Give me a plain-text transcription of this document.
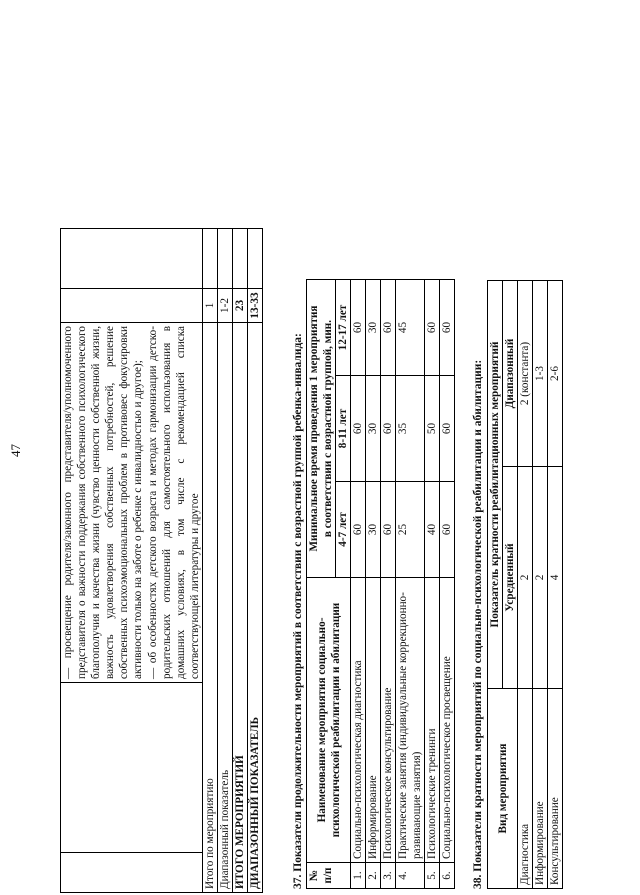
47

		— просвещение родителя/законного представителя/уполномоченного представителя о важности поддержания собственного психологического благополучия и качества жизни (чувство ценности собственной жизни, важность удовлетворения собственных потребностей, решение собственных психоэмоциональных проблем в противовес фокусировки активности только на заботе о ребенке с инвалидностью и другое); — об особенностях детского возраста и методах гармонизации детско-родительских отношений для самостоятельного использования в домашних условиях, в том числе с рекомендацией списка соответствующей литературы и другое		

Итого по мероприятию			1	
Диапазонный показатель			1-2	
ИТОГО МЕРОПРИЯТИЙ			23	
ДИАПАЗОННЫЙ ПОКАЗАТЕЛЬ			13-33	
37. Показатели продолжительности мероприятий в соответствии с возрастной группой ребенка-инвалида: № п/п	Наименование мероприятия социально-психологической реабилитации и абилитации	Минимальное время проведения 1 мероприятия		
		в соответствии с возрастной группой, мин.		
		4-7 лет	8-11 лет	12-17 лет
1.	Социально-психологическая диагностика	60	60	60
2.	Информирование	30	30	30
3.	Психологическое консультирование	60	60	60
4.	Практические занятия (индивидуальные коррекционно-развивающие занятия)	25	35	45
5.	Психологические тренинги	40	50	60
6.	Социально-психологическое просвещение	60	60	60
38. Показатели кратности мероприятий по социально-психологической реабилитации и абилитации: Вид мероприятия	Показатель кратности реабилитационных мероприятий	
	Усредненный	Диапазонный
Диагностика	2	2 (константа)
Информирование	2	1-3
Консультирование	4	2-6
